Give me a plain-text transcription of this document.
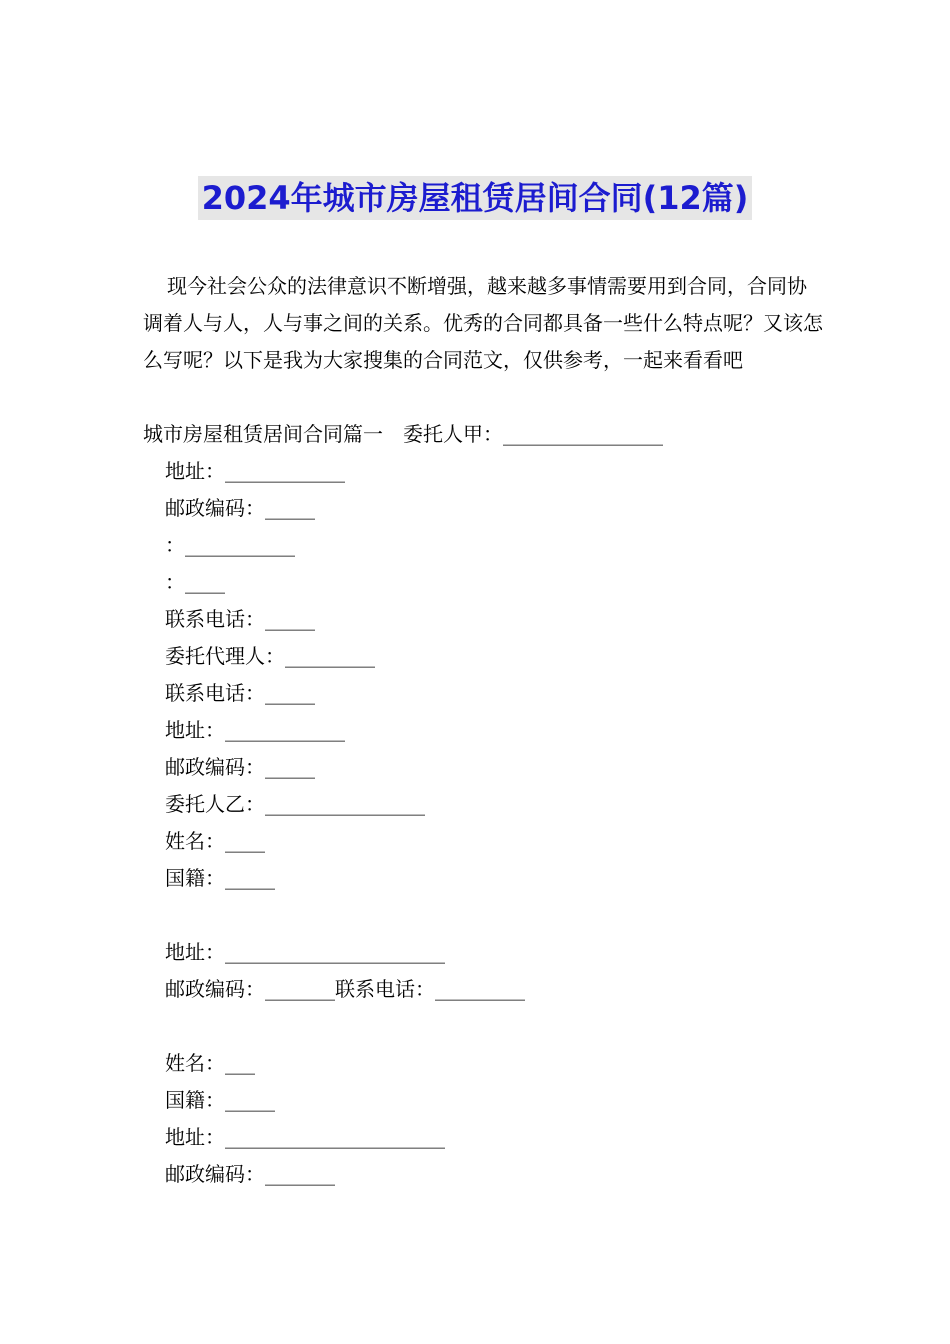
2024年城市房屋租赁居间合同(12篇)

现今社会公众的法律意识不断增强，越来越多事情需要用到合同，合同协调着人与人，人与事之间的关系。优秀的合同都具备一些什么特点呢？又该怎么写呢？以下是我为大家搜集的合同范文，仅供参考，一起来看看吧

城市房屋租赁居间合同篇一　委托人甲：________________
地址：____________
邮政编码：_____
：___________
：____
联系电话：_____
委托代理人：_________
联系电话：_____
地址：____________
邮政编码：_____
委托人乙：________________
姓名：____
国籍：_____
地址：______________________
邮政编码：_______联系电话：_________
姓名：___
国籍：_____
地址：______________________
邮政编码：_______
